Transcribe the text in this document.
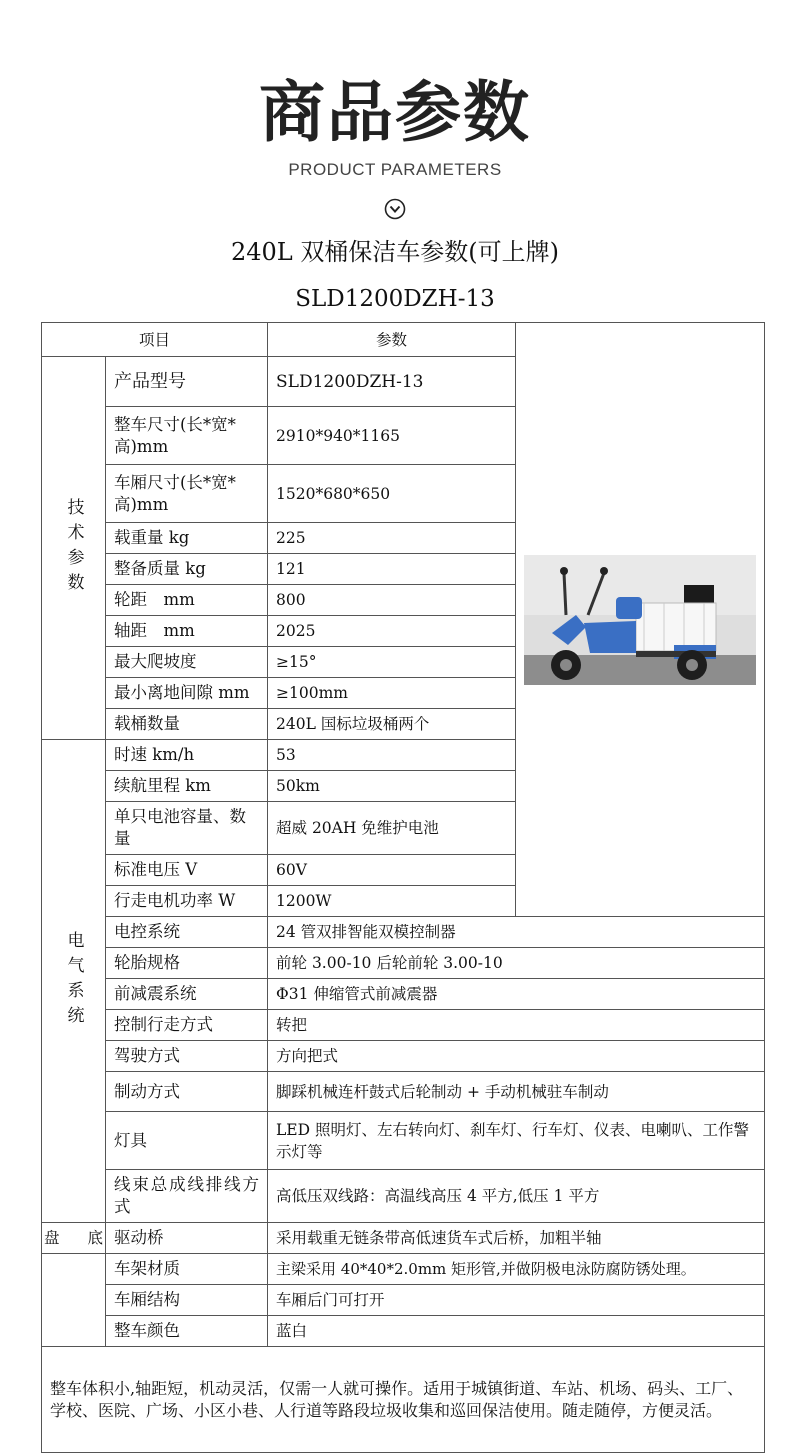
商品参数
PRODUCT PARAMETERS
240L 双桶保洁车参数(可上牌)
SLD1200DZH-13
项目		参数	

技术参数	产品型号	SLD1200DZH-13	
	整车尺寸(长*宽*高)mm	2910*940*1165	
	车厢尺寸(长*宽*高)mm	1520*680*650	
	载重量 kg	225	
	整备质量 kg	121	
	轮距　mm	800	
	轴距　mm	2025	
	最大爬坡度	≥15°	
	最小离地间隙 mm	≥100mm	
	载桶数量	240L 国标垃圾桶两个	
电气系统	时速 km/h	53	
	续航里程 km	50km	
	单只电池容量、数量	超威 20AH 免维护电池	
	标准电压 V	60V	
	行走电机功率 W	1200W	
	电控系统	24 管双排智能双模控制器	
	轮胎规格	前轮 3.00-10 后轮前轮 3.00-10	
	前减震系统	Φ31 伸缩管式前减震器	
	控制行走方式	转把	
	驾驶方式	方向把式	
	制动方式	脚踩机械连杆鼓式后轮制动 + 手动机械驻车制动	
	灯具	LED 照明灯、左右转向灯、刹车灯、行车灯、仪表、电喇叭、工作警示灯等	
	线束总成线排线方式	高低压双线路：高温线高压 4 平方,低压 1 平方	
盘　底	驱动桥	采用载重无链条带高低速货车式后桥，加粗半轴	
	车架材质	主梁采用 40*40*2.0mm 矩形管,并做阴极电泳防腐防锈处理。	
	车厢结构	车厢后门可打开	
	整车颜色	蓝白	
整车体积小,轴距短，机动灵活，仅需一人就可操作。适用于城镇街道、车站、机场、码头、工厂、学校、医院、广场、小区小巷、人行道等路段垃圾收集和巡回保洁使用。随走随停，方便灵活。			
